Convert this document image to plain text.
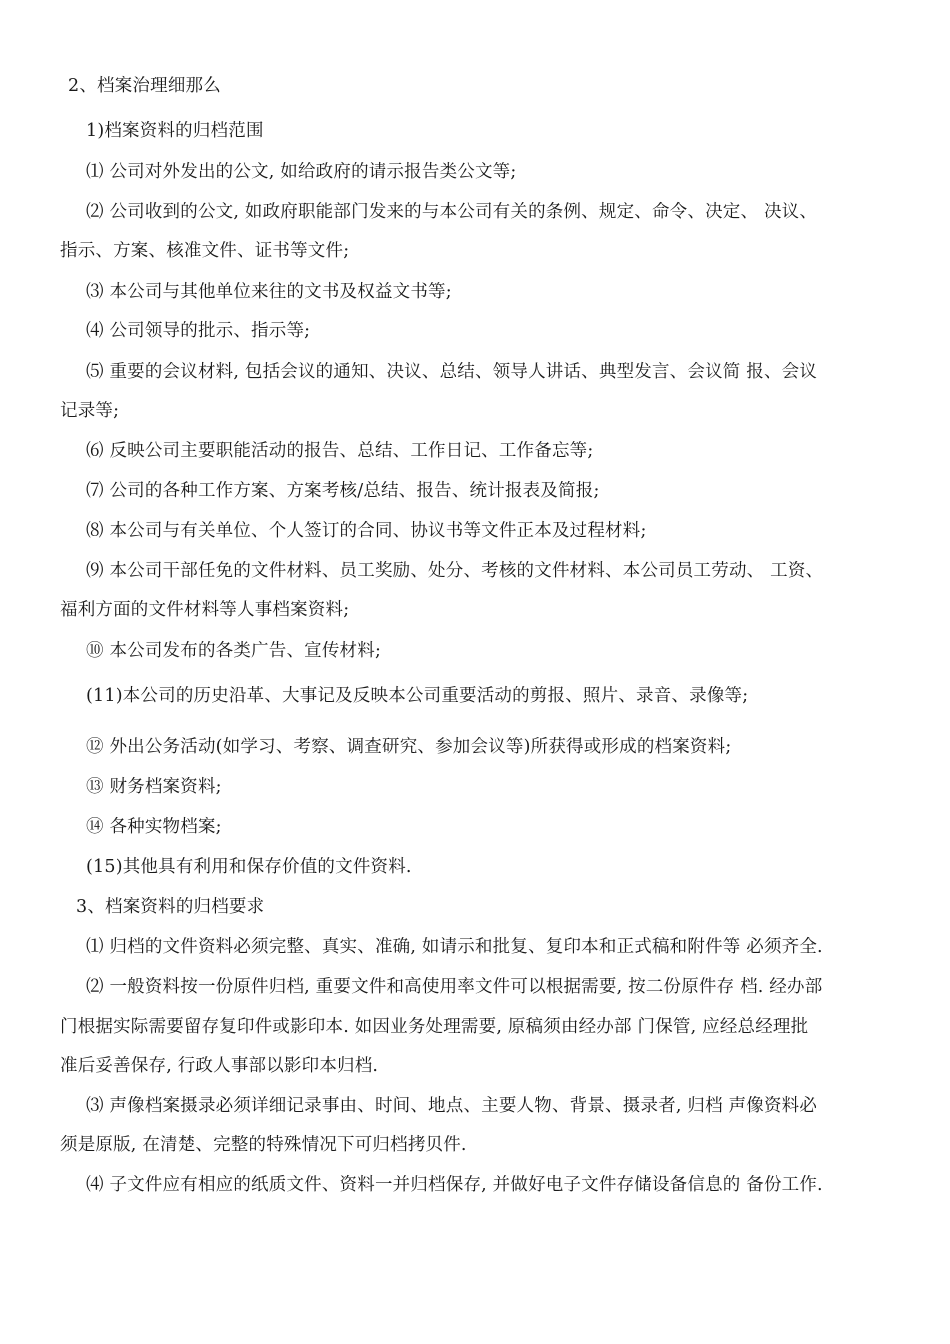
2、档案治理细那么
1)档案资料的归档范围
⑴ 公司对外发出的公文, 如给政府的请示报告类公文等;
⑵ 公司收到的公文, 如政府职能部门发来的与本公司有关的条例、规定、命令、决定、 决议、
指示、方案、核准文件、证书等文件;
⑶ 本公司与其他单位来往的文书及权益文书等;
⑷ 公司领导的批示、指示等;
⑸ 重要的会议材料, 包括会议的通知、决议、总结、领导人讲话、典型发言、会议简 报、会议
记录等;
⑹ 反映公司主要职能活动的报告、总结、工作日记、工作备忘等;
⑺ 公司的各种工作方案、方案考核/总结、报告、统计报表及简报;
⑻ 本公司与有关单位、个人签订的合同、协议书等文件正本及过程材料;
⑼ 本公司干部任免的文件材料、员工奖励、处分、考核的文件材料、本公司员工劳动、 工资、
福利方面的文件材料等人事档案资料;
⑩ 本公司发布的各类广告、宣传材料;
(11)本公司的历史沿革、大事记及反映本公司重要活动的剪报、照片、录音、录像等;
⑫ 外出公务活动(如学习、考察、调查研究、参加会议等)所获得或形成的档案资料;
⑬ 财务档案资料;
⑭ 各种实物档案;
(15)其他具有利用和保存价值的文件资料.
3、档案资料的归档要求
⑴ 归档的文件资料必须完整、真实、准确, 如请示和批复、复印本和正式稿和附件等 必须齐全.
⑵ 一般资料按一份原件归档, 重要文件和高使用率文件可以根据需要, 按二份原件存 档. 经办部
门根据实际需要留存复印件或影印本. 如因业务处理需要, 原稿须由经办部 门保管, 应经总经理批
准后妥善保存, 行政人事部以影印本归档.
⑶ 声像档案摄录必须详细记录事由、时间、地点、主要人物、背景、摄录者, 归档 声像资料必
须是原版, 在清楚、完整的特殊情况下可归档拷贝件.
⑷ 子文件应有相应的纸质文件、资料一并归档保存, 并做好电子文件存储设备信息的 备份工作.
